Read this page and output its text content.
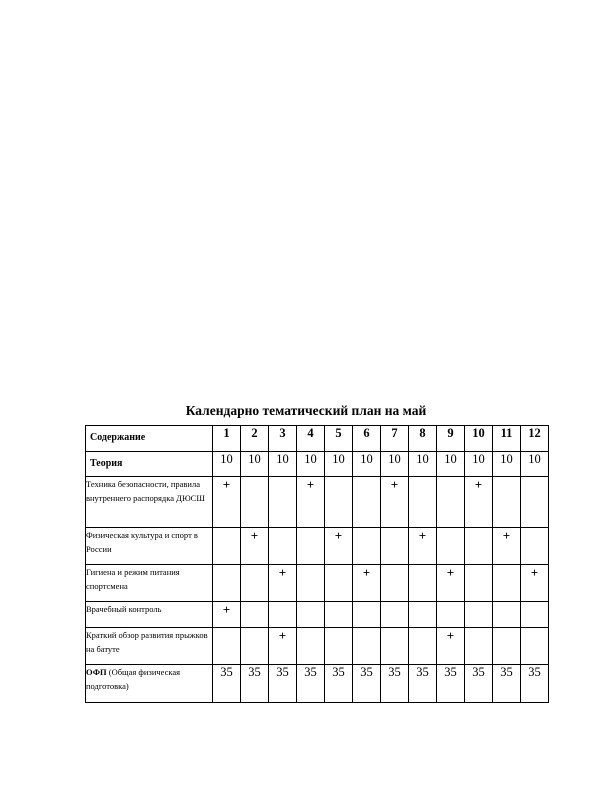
Календарно тематический план на май
Содержание	1	2	3	4	5	6	7	8	9	10	11	12
Теория	10	10	10	10	10	10	10	10	10	10	10	10
Техника безопасности, правила внутреннего распорядка ДЮСШ	+			+			+			+		
Физическая культура и спорт в России		+			+			+			+	
Гигиена и режим питания спортсмена			+			+			+			+
Врачебный контроль	+											
Краткий обзор развития прыжков на батуте			+						+			
ОФП (Общая физическая подготовка)	35	35	35	35	35	35	35	35	35	35	35	35
